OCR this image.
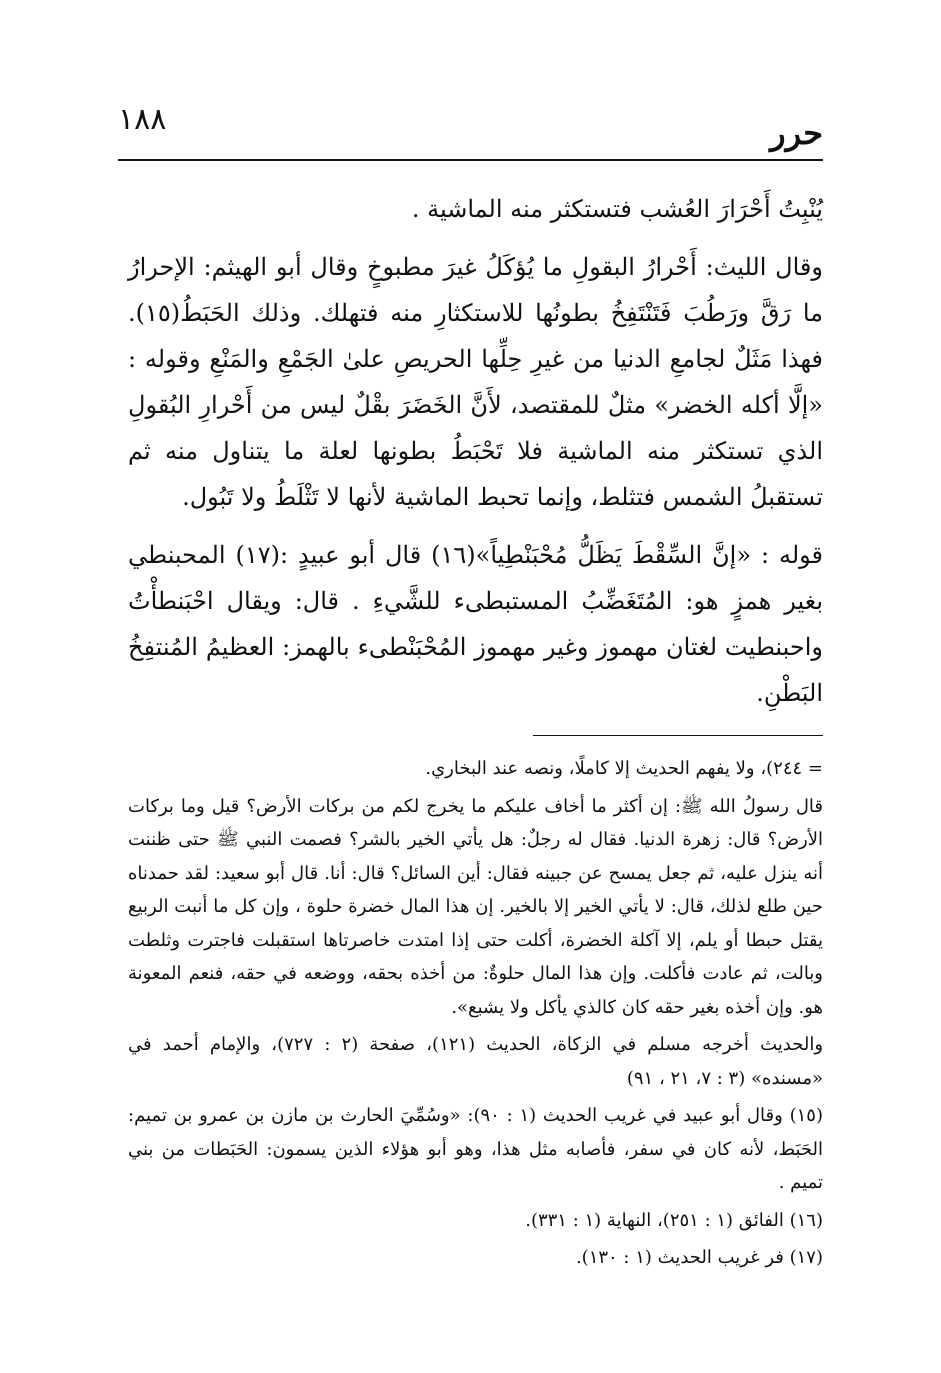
١٨٨	حرر

يُنْبِتُ أَحْرَارَ العُشب فتستكثر منه الماشية .

وقال الليث: أَحْرارُ البقولِ ما يُؤكَلُ غيرَ مطبوخٍ وقال أبو الهيثم: الإحرارُ ما رَقَّ ورَطُبَ فَتَنْتَفِخُ بطونُها للاستكثارِ منه فتهلك. وذلك الحَبَطُ(١٥). فهذا مَثَلٌ لجامعِ الدنيا من غيرِ حِلِّها الحريصِ علىٰ الجَمْعِ والمَنْعِ وقوله : «إلَّا أكله الخضر» مثلٌ للمقتصد، لأَنَّ الخَضَرَ بقْلٌ ليس من أَحْرارِ البُقولِ الذي تستكثر منه الماشية فلا تَحْبَطُ بطونها لعلة ما يتناول منه ثم تستقبلُ الشمس فتثلط، وإنما تحبط الماشية لأنها لا تَثْلَطُ ولا تَبُول.

قوله : «إنَّ السِّقْطَ يَظَلُّ مُحْبَنْطِياً»(١٦) قال أبو عبيدٍ :(١٧) المحبنطي بغير همزٍ هو: المُتَغَضِّبُ المستبطىء للشَّيءِ . قال: ويقال احْبَنطأْتُ واحبنطيت لغتان مهموز وغير مهموز المُحْبَنْطىء بالهمز: العظيمُ المُنتفِخُ البَطْنِ.

= ٢٤٤)، ولا يفهم الحديث إلا كاملًا، ونصه عند البخاري.

قال رسولُ الله ﷺ: إن أكثر ما أخاف عليكم ما يخرج لكم من بركات الأرض؟ قيل وما بركات الأرض؟ قال: زهرة الدنيا. فقال له رجلٌ: هل يأتي الخير بالشر؟ فصمت النبي ﷺ حتى ظننت أنه ينزل عليه، ثم جعل يمسح عن جبينه فقال: أين السائل؟ قال: أنا. قال أبو سعيد: لقد حمدناه حين طلع لذلك، قال: لا يأتي الخير إلا بالخير. إن هذا المال خضرة حلوة ، وإن كل ما أنبت الربيع يقتل حبطا أو يلم، إلا آكلة الخضرة، أكلت حتى إذا امتدت خاصرتاها استقبلت فاجترت وثلطت وبالت، ثم عادت فأكلت. وإن هذا المال حلوةٌ: من أخذه بحقه، ووضعه في حقه، فنعم المعونة هو. وإن أخذه بغير حقه كان كالذي يأكل ولا يشبع».

والحديث أخرجه مسلم في الزكاة، الحديث (١٢١)، صفحة (٢ : ٧٢٧)، والإمام أحمد في «مسنده» (٣ : ٧، ٢١ ، ٩١)

(١٥) وقال أبو عبيد في غريب الحديث (١ : ٩٠): «وسُمِّيَ الحارث بن مازن بن عمرو بن تميم: الحَبَط، لأنه كان في سفر، فأصابه مثل هذا، وهو أبو هؤلاء الذين يسمون: الحَبَطات من بني تميم .

(١٦) الفائق (١ : ٢٥١)، النهاية (١ : ٣٣١).

(١٧) فر غريب الحديث (١ : ١٣٠).
